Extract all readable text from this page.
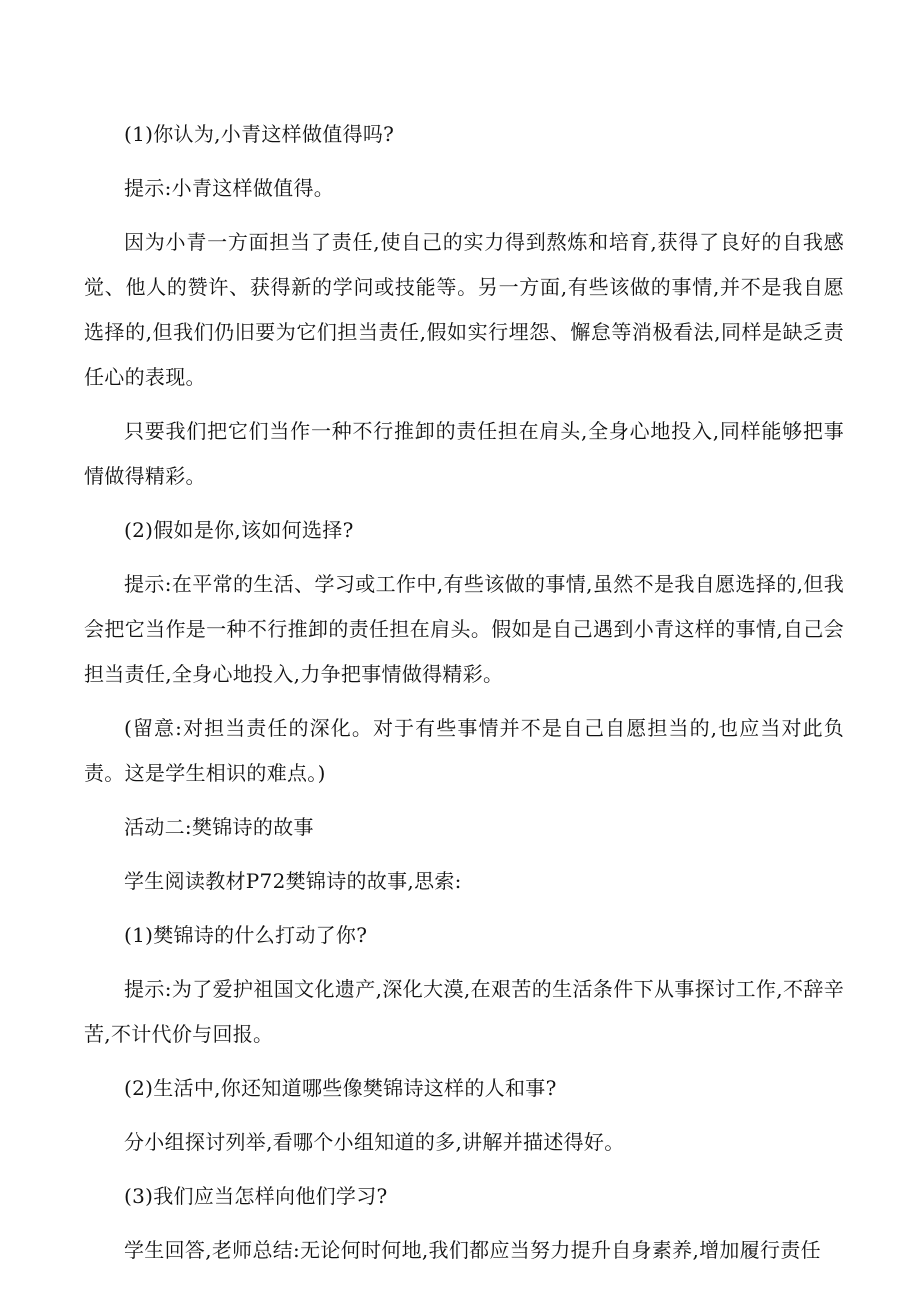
(1)你认为,小青这样做值得吗?

提示:小青这样做值得。

因为小青一方面担当了责任,使自己的实力得到熬炼和培育,获得了良好的自我感觉、他人的赞许、获得新的学问或技能等。另一方面,有些该做的事情,并不是我自愿选择的,但我们仍旧要为它们担当责任,假如实行埋怨、懈怠等消极看法,同样是缺乏责任心的表现。

只要我们把它们当作一种不行推卸的责任担在肩头,全身心地投入,同样能够把事情做得精彩。

(2)假如是你,该如何选择?

提示:在平常的生活、学习或工作中,有些该做的事情,虽然不是我自愿选择的,但我会把它当作是一种不行推卸的责任担在肩头。假如是自己遇到小青这样的事情,自己会担当责任,全身心地投入,力争把事情做得精彩。

(留意:对担当责任的深化。对于有些事情并不是自己自愿担当的,也应当对此负责。这是学生相识的难点。)

活动二:樊锦诗的故事

学生阅读教材P72樊锦诗的故事,思索:

(1)樊锦诗的什么打动了你?

提示:为了爱护祖国文化遗产,深化大漠,在艰苦的生活条件下从事探讨工作,不辞辛苦,不计代价与回报。

(2)生活中,你还知道哪些像樊锦诗这样的人和事?

分小组探讨列举,看哪个小组知道的多,讲解并描述得好。

(3)我们应当怎样向他们学习?

学生回答,老师总结:无论何时何地,我们都应当努力提升自身素养,增加履行责任
